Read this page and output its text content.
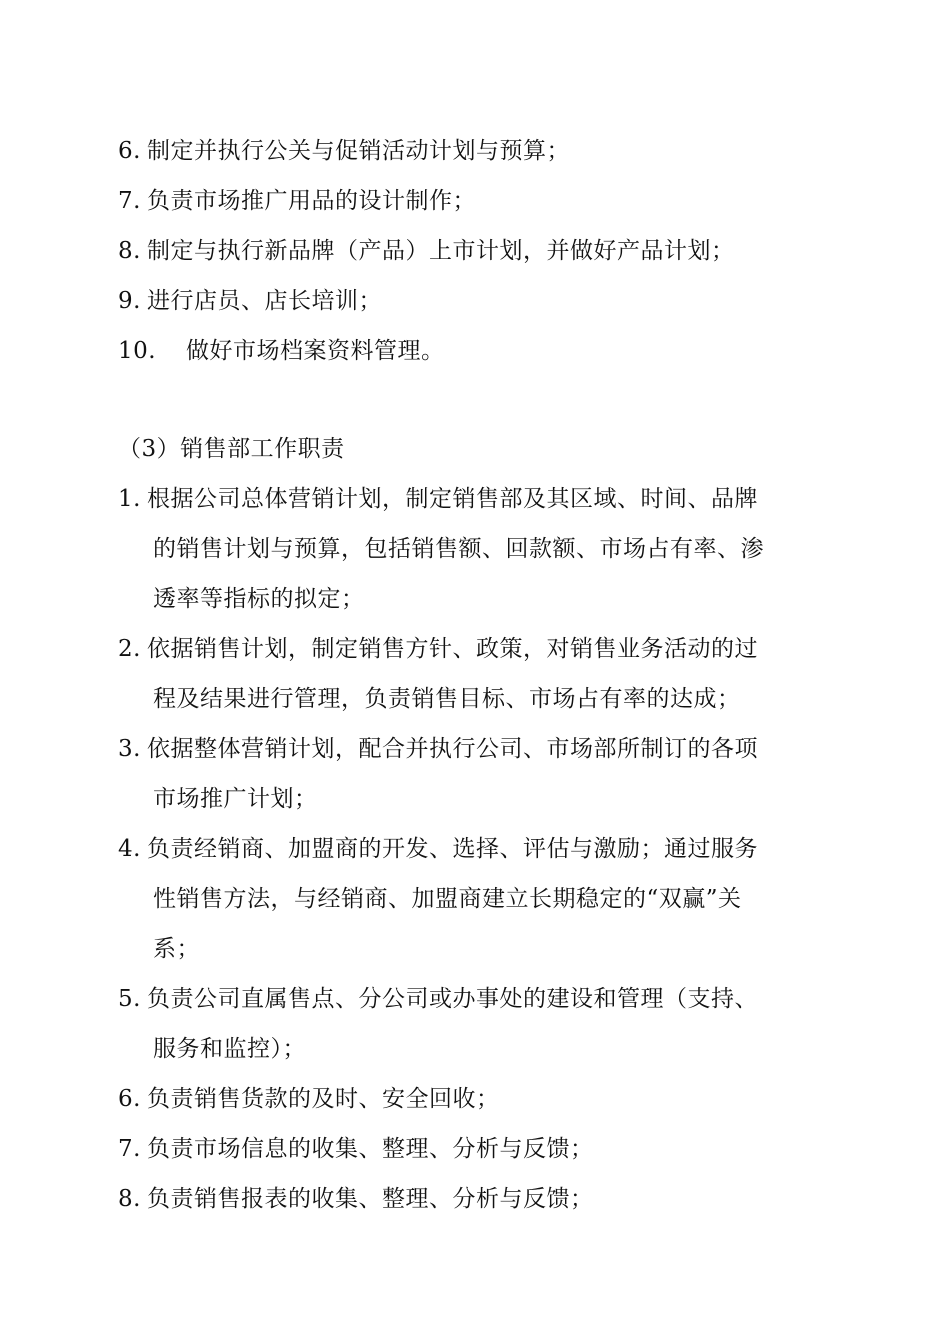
6. 制定并执行公关与促销活动计划与预算；
7. 负责市场推广用品的设计制作；
8. 制定与执行新品牌（产品）上市计划，并做好产品计划；
9. 进行店员、店长培训；
10. 做好市场档案资料管理。
（3）销售部工作职责
1. 根据公司总体营销计划，制定销售部及其区域、时间、品牌
的销售计划与预算，包括销售额、回款额、市场占有率、渗
透率等指标的拟定；
2. 依据销售计划，制定销售方针、政策，对销售业务活动的过
程及结果进行管理，负责销售目标、市场占有率的达成；
3. 依据整体营销计划，配合并执行公司、市场部所制订的各项
市场推广计划；
4. 负责经销商、加盟商的开发、选择、评估与激励；通过服务
性销售方法，与经销商、加盟商建立长期稳定的“双赢”关
系；
5. 负责公司直属售点、分公司或办事处的建设和管理（支持、
服务和监控）；
6. 负责销售货款的及时、安全回收；
7. 负责市场信息的收集、整理、分析与反馈；
8. 负责销售报表的收集、整理、分析与反馈；
